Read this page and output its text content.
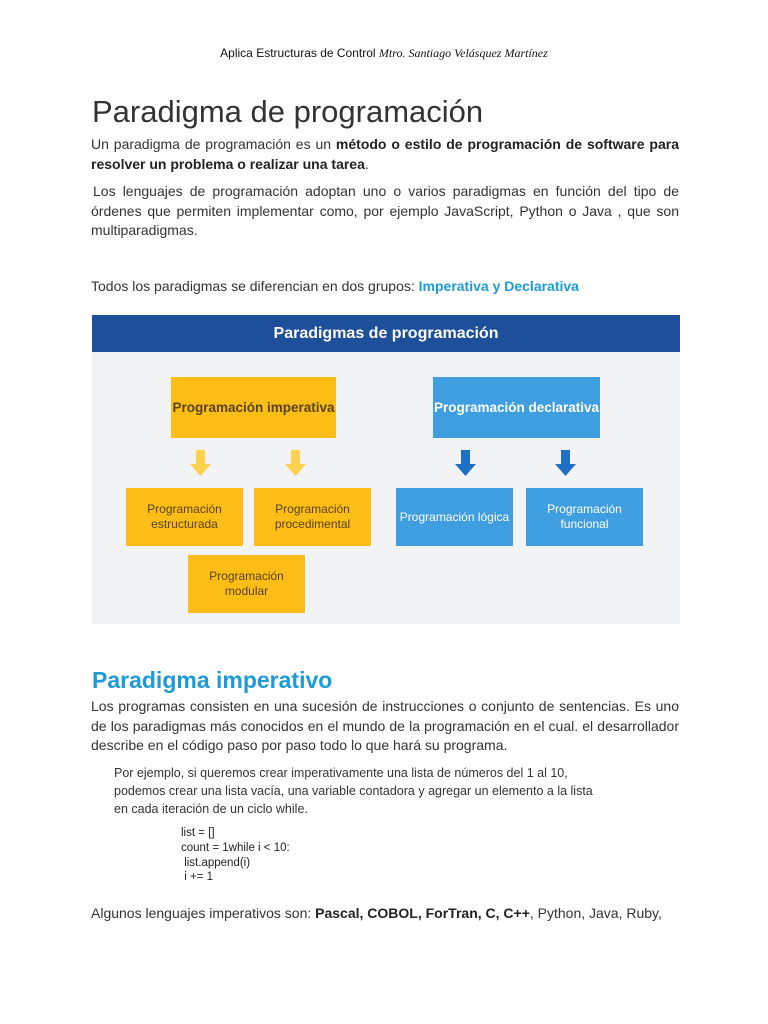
Aplica Estructuras de Control Mtro. Santiago Velásquez Martínez
Paradigma de programación

Un paradigma de programación es un método o estilo de programación de software para resolver un problema o realizar una tarea.

Los lenguajes de programación adoptan uno o varios paradigmas en función del tipo de órdenes que permiten implementar como, por ejemplo JavaScript, Python o Java , que son multiparadigmas.

Todos los paradigmas se diferencian en dos grupos: Imperativa y Declarativa

Paradigmas de programación
Programación imperativa	Programación declarativa
Programación estructurada
Programación procedimental
Programación modular
Programación lógica
Programación funcional
Paradigma imperativo

Los programas consisten en una sucesión de instrucciones o conjunto de sentencias. Es uno de los paradigmas más conocidos en el mundo de la programación en el cual. el desarrollador describe en el código paso por paso todo lo que hará su programa.

Por ejemplo, si queremos crear imperativamente una lista de números del 1 al 10,
podemos crear una lista vacía, una variable contadora y agregar un elemento a la lista
en cada iteración de un ciclo while.
list = []
count = 1while i < 10:
list.append(i)
i += 1

Algunos lenguajes imperativos son: Pascal, COBOL, ForTran, C, C++, Python, Java, Ruby,
